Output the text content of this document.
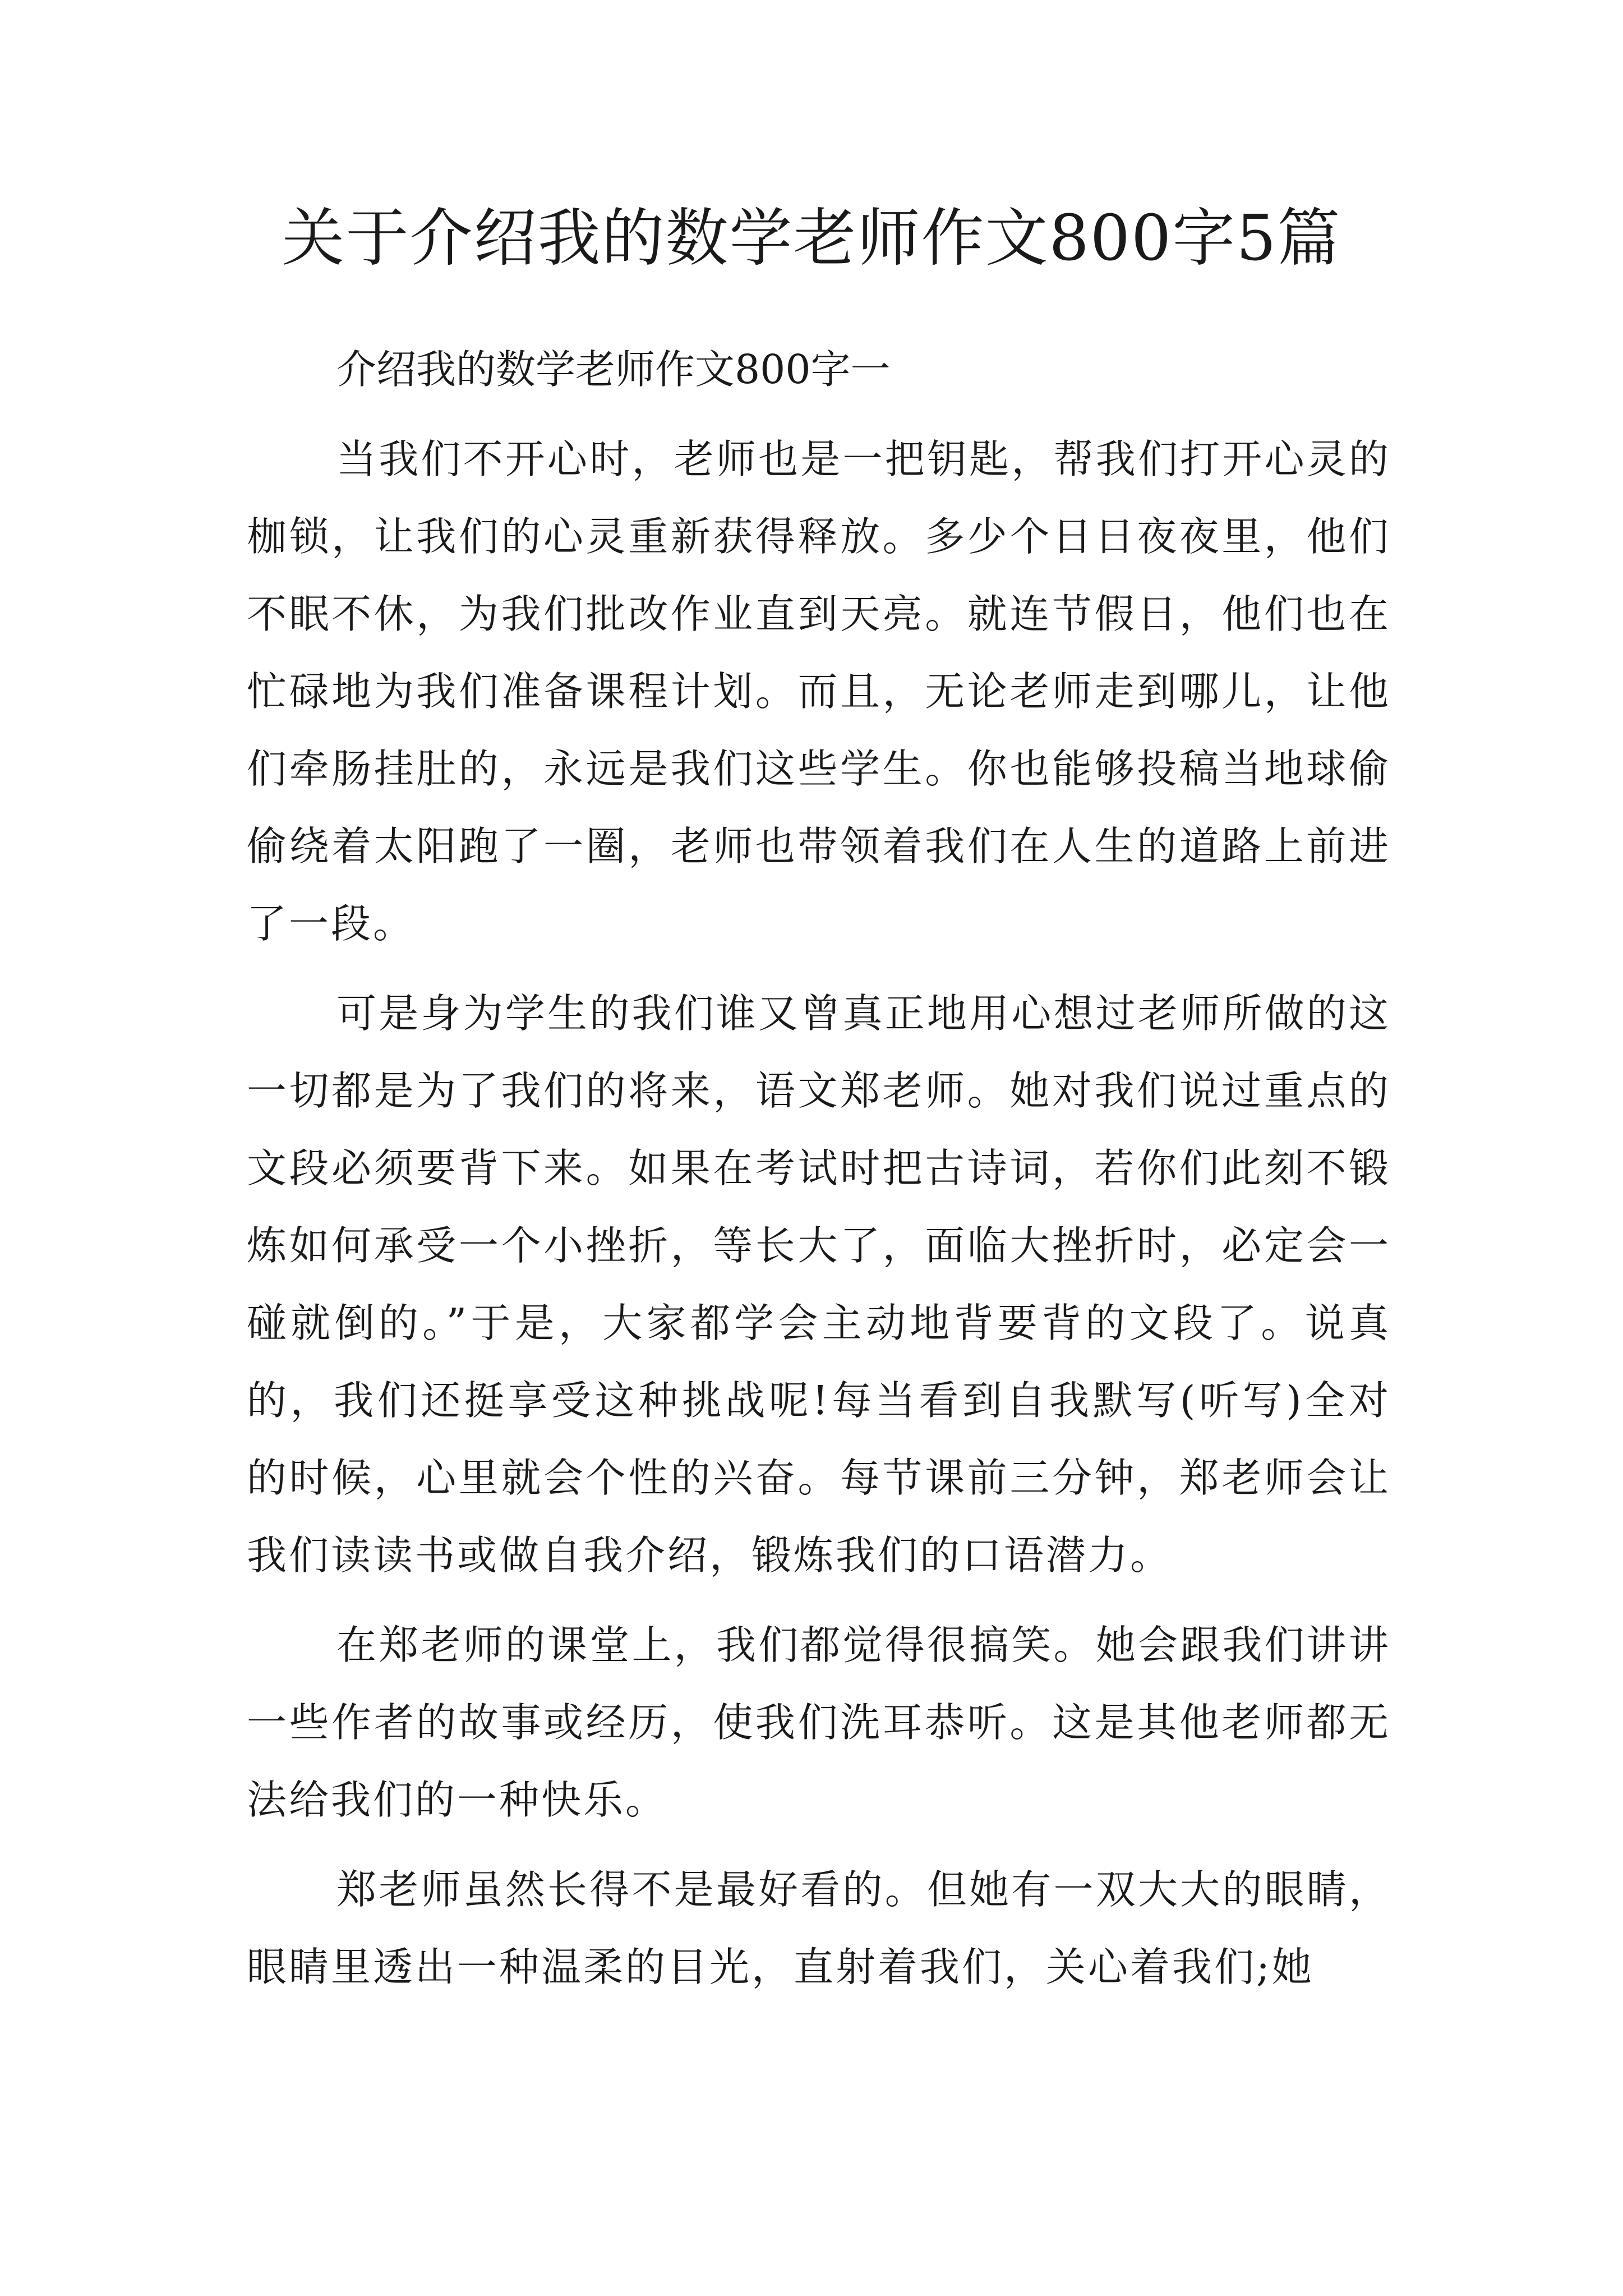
关于介绍我的数学老师作文800字5篇

介绍我的数学老师作文800字一

当我们不开心时，老师也是一把钥匙，帮我们打开心灵的枷锁，让我们的心灵重新获得释放。多少个日日夜夜里，他们不眠不休，为我们批改作业直到天亮。就连节假日，他们也在忙碌地为我们准备课程计划。而且，无论老师走到哪儿，让他们牵肠挂肚的，永远是我们这些学生。你也能够投稿当地球偷偷绕着太阳跑了一圈，老师也带领着我们在人生的道路上前进了一段。

可是身为学生的我们谁又曾真正地用心想过老师所做的这一切都是为了我们的将来，语文郑老师。她对我们说过重点的文段必须要背下来。如果在考试时把古诗词，若你们此刻不锻炼如何承受一个小挫折，等长大了，面临大挫折时，必定会一碰就倒的。”于是，大家都学会主动地背要背的文段了。说真的，我们还挺享受这种挑战呢!每当看到自我默写(听写)全对的时候，心里就会个性的兴奋。每节课前三分钟，郑老师会让我们读读书或做自我介绍，锻炼我们的口语潜力。

在郑老师的课堂上，我们都觉得很搞笑。她会跟我们讲讲一些作者的故事或经历，使我们洗耳恭听。这是其他老师都无法给我们的一种快乐。

郑老师虽然长得不是最好看的。但她有一双大大的眼睛，眼睛里透出一种温柔的目光，直射着我们，关心着我们;她
